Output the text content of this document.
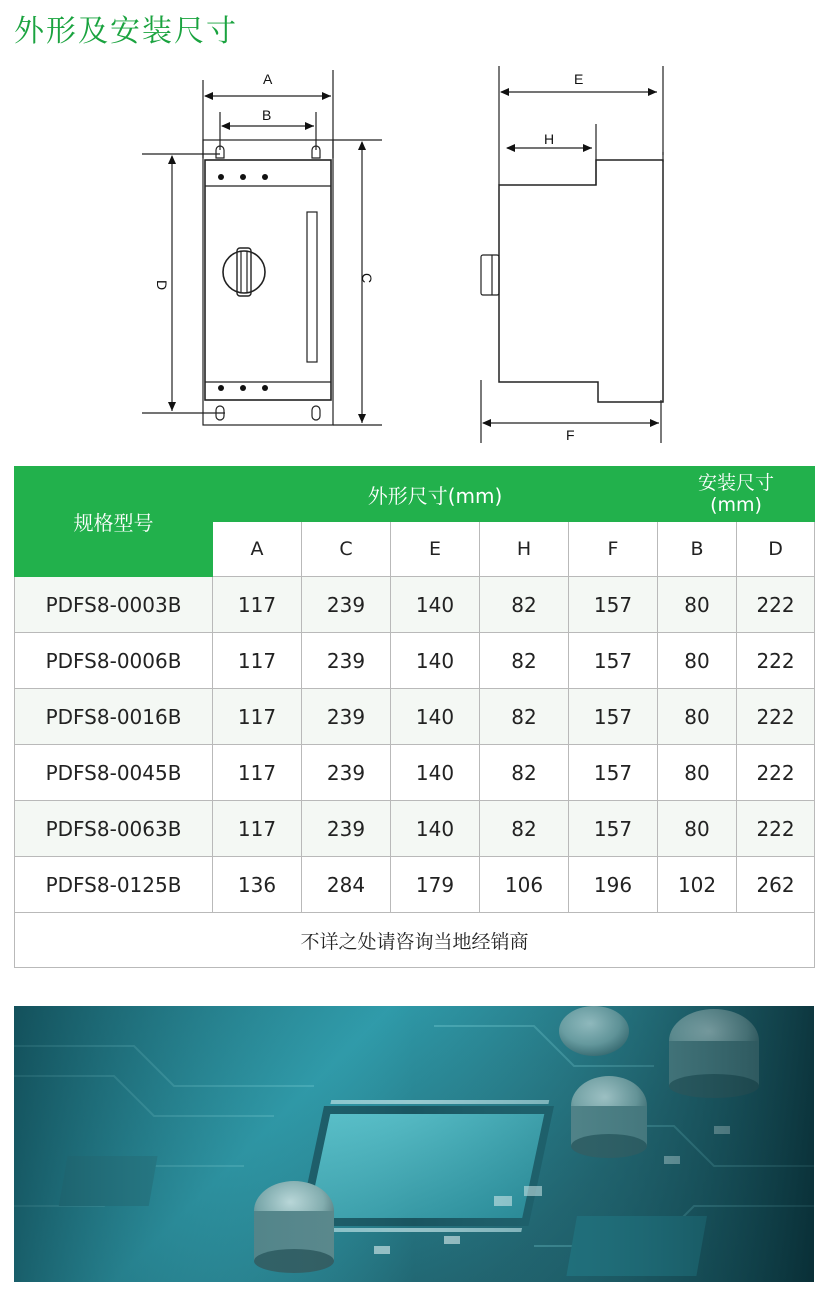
外形及安装尺寸
A
B
D
C
E
H
F
规格型号	外形尺寸(mm)					安装尺寸
(mm)	
	A	C	E	H	F	B	D
PDFS8-0003B	117	239	140	82	157	80	222
PDFS8-0006B	117	239	140	82	157	80	222
PDFS8-0016B	117	239	140	82	157	80	222
PDFS8-0045B	117	239	140	82	157	80	222
PDFS8-0063B	117	239	140	82	157	80	222
PDFS8-0125B	136	284	179	106	196	102	262
不详之处请咨询当地经销商							
